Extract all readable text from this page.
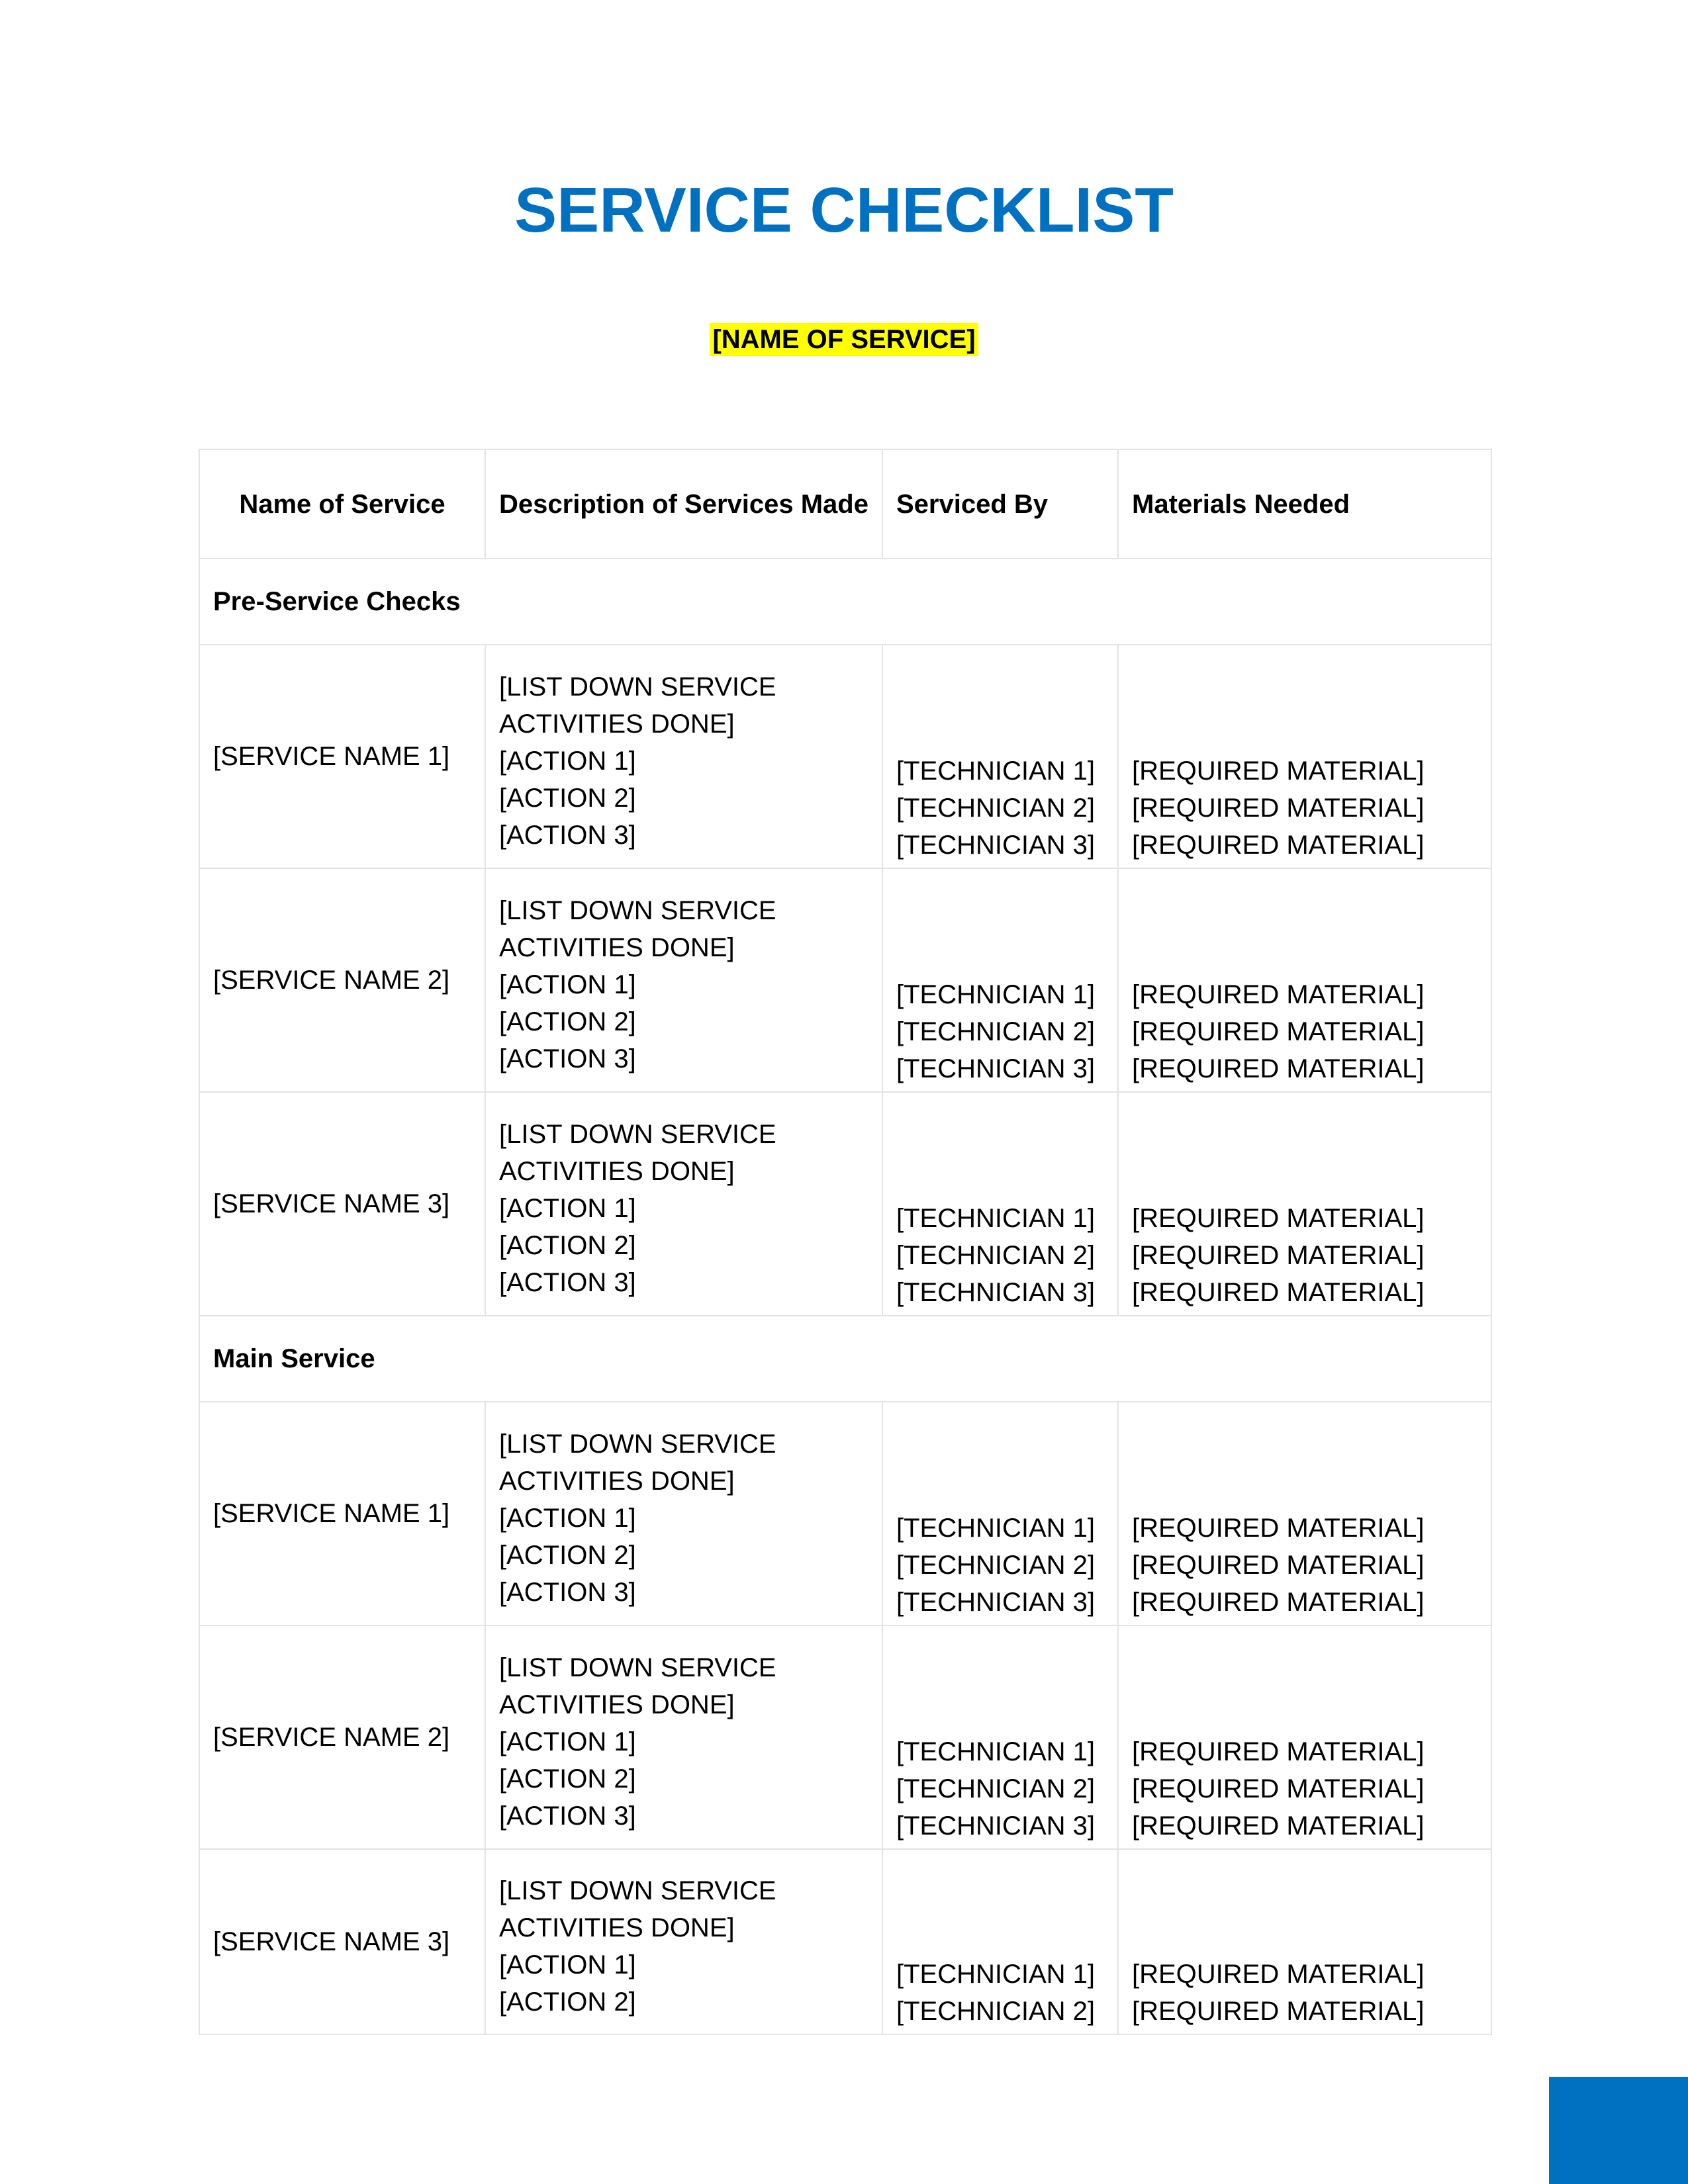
SERVICE CHECKLIST
[NAME OF SERVICE]
Name of Service	Description of Services Made	Serviced By	Materials Needed
Pre-Service Checks			
[SERVICE NAME 1]	[LIST DOWN SERVICE
ACTIVITIES DONE]
[ACTION 1]
[ACTION 2]
[ACTION 3]	[TECHNICIAN 1]
[TECHNICIAN 2]
[TECHNICIAN 3]	[REQUIRED MATERIAL]
[REQUIRED MATERIAL]
[REQUIRED MATERIAL]

[SERVICE NAME 2]	[LIST DOWN SERVICE
ACTIVITIES DONE]
[ACTION 1]
[ACTION 2]
[ACTION 3]	[TECHNICIAN 1]
[TECHNICIAN 2]
[TECHNICIAN 3]	[REQUIRED MATERIAL]
[REQUIRED MATERIAL]
[REQUIRED MATERIAL]

[SERVICE NAME 3]	[LIST DOWN SERVICE
ACTIVITIES DONE]
[ACTION 1]
[ACTION 2]
[ACTION 3]	[TECHNICIAN 1]
[TECHNICIAN 2]
[TECHNICIAN 3]	[REQUIRED MATERIAL]
[REQUIRED MATERIAL]
[REQUIRED MATERIAL]

Main Service			
[SERVICE NAME 1]	[LIST DOWN SERVICE
ACTIVITIES DONE]
[ACTION 1]
[ACTION 2]
[ACTION 3]	[TECHNICIAN 1]
[TECHNICIAN 2]
[TECHNICIAN 3]	[REQUIRED MATERIAL]
[REQUIRED MATERIAL]
[REQUIRED MATERIAL]

[SERVICE NAME 2]	[LIST DOWN SERVICE
ACTIVITIES DONE]
[ACTION 1]
[ACTION 2]
[ACTION 3]	[TECHNICIAN 1]
[TECHNICIAN 2]
[TECHNICIAN 3]	[REQUIRED MATERIAL]
[REQUIRED MATERIAL]
[REQUIRED MATERIAL]

[SERVICE NAME 3]	[LIST DOWN SERVICE
ACTIVITIES DONE]
[ACTION 1]
[ACTION 2]	[TECHNICIAN 1]
[TECHNICIAN 2]	[REQUIRED MATERIAL]
[REQUIRED MATERIAL]
